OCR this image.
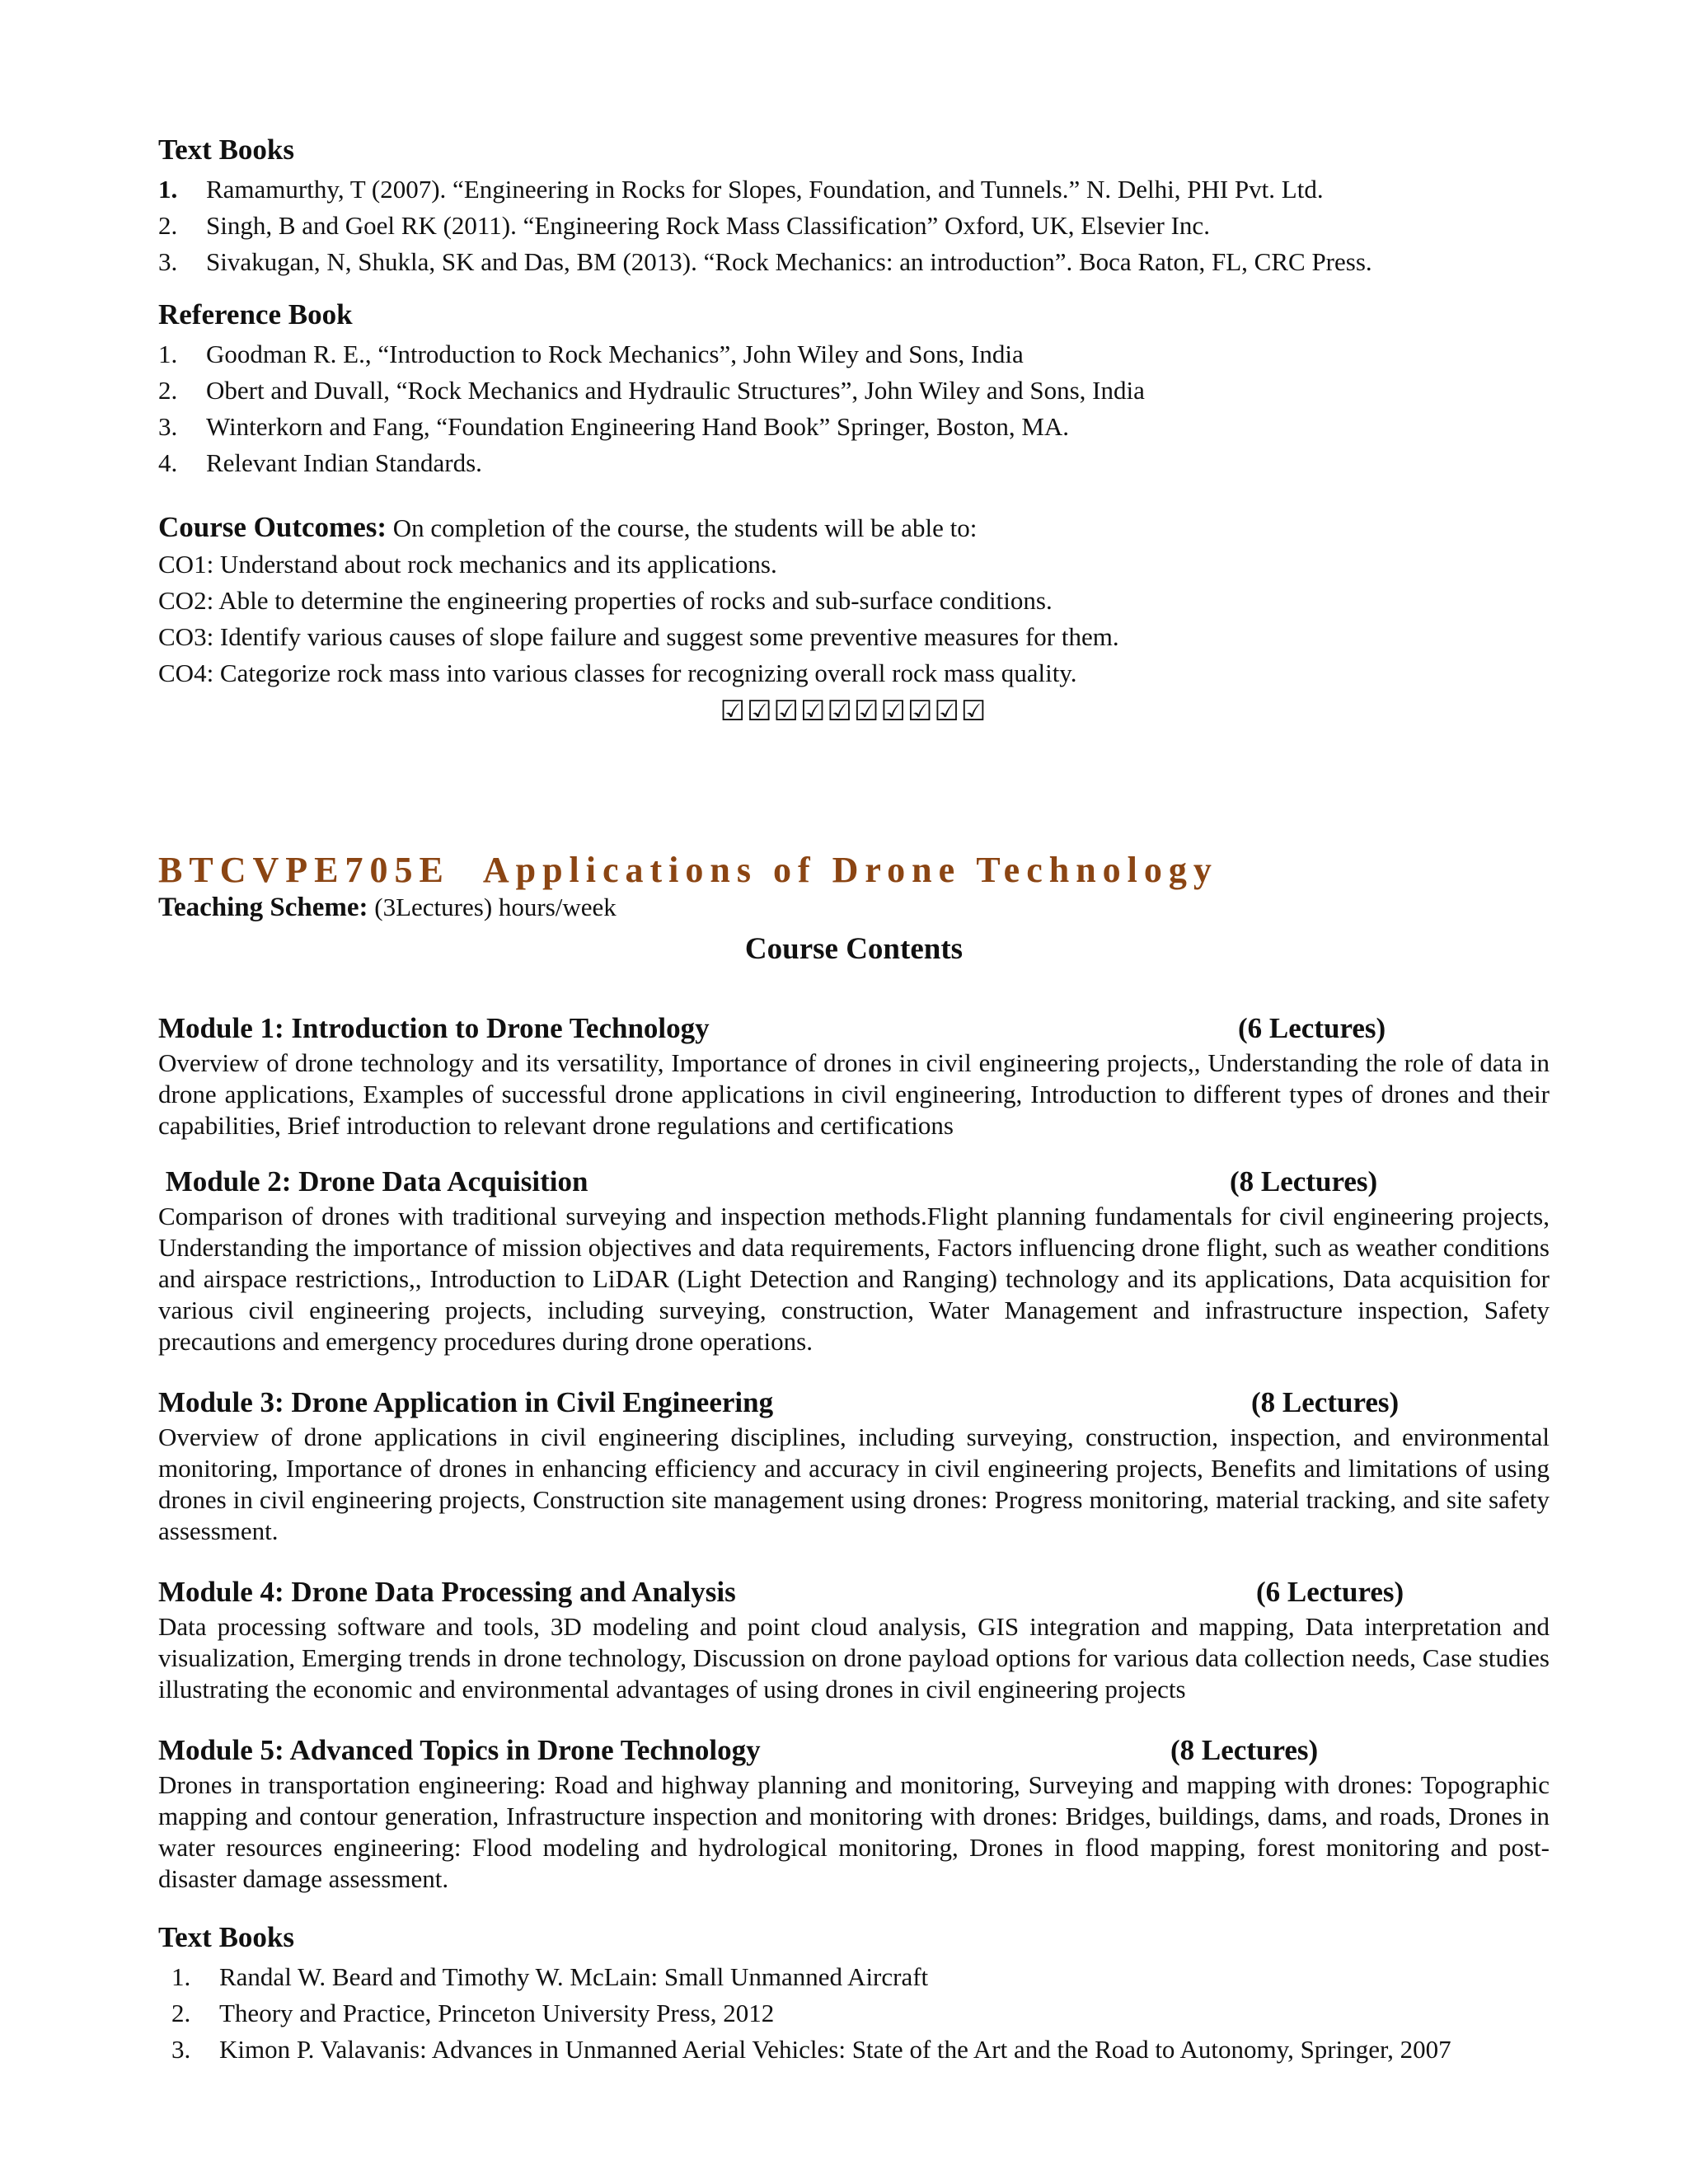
Text Books

1.	Ramamurthy, T (2007). “Engineering in Rocks for Slopes, Foundation, and Tunnels.” N. Delhi, PHI Pvt. Ltd.
2.	Singh, B and Goel RK (2011). “Engineering Rock Mass Classification” Oxford, UK, Elsevier Inc.
3.	Sivakugan, N, Shukla, SK and Das, BM (2013). “Rock Mechanics: an introduction”. Boca Raton, FL, CRC Press.

Reference Book

1.	Goodman R. E., “Introduction to Rock Mechanics”, John Wiley and Sons, India
2.	Obert and Duvall, “Rock Mechanics and Hydraulic Structures”, John Wiley and Sons, India
3.	Winterkorn and Fang, “Foundation Engineering Hand Book” Springer, Boston, MA.
4.	Relevant Indian Standards.

Course Outcomes: On completion of the course, the students will be able to:

CO1: Understand about rock mechanics and its applications.

CO2: Able to determine the engineering properties of rocks and sub-surface conditions.

CO3: Identify various causes of slope failure and suggest some preventive measures for them.

CO4: Categorize rock mass into various classes for recognizing overall rock mass quality.

☑☑☑☑☑☑☑☑☑☑

BTCVPE705E Applications of Drone Technology

Teaching Scheme: (3Lectures) hours/week

Course Contents

Module 1: Introduction to Drone Technology	(6 Lectures)

Overview of drone technology and its versatility, Importance of drones in civil engineering projects,, Understanding the role of data in drone applications, Examples of successful drone applications in civil engineering, Introduction to different types of drones and their capabilities, Brief introduction to relevant drone regulations and certifications

Module 2: Drone Data Acquisition	(8 Lectures)

Comparison of drones with traditional surveying and inspection methods.Flight planning fundamentals for civil engineering projects, Understanding the importance of mission objectives and data requirements, Factors influencing drone flight, such as weather conditions and airspace restrictions,, Introduction to LiDAR (Light Detection and Ranging) technology and its applications, Data acquisition for various civil engineering projects, including surveying, construction, Water Management and infrastructure inspection, Safety precautions and emergency procedures during drone operations.

Module 3: Drone Application in Civil Engineering	(8 Lectures)

Overview of drone applications in civil engineering disciplines, including surveying, construction, inspection, and environmental monitoring, Importance of drones in enhancing efficiency and accuracy in civil engineering projects, Benefits and limitations of using drones in civil engineering projects, Construction site management using drones: Progress monitoring, material tracking, and site safety assessment.

Module 4: Drone Data Processing and Analysis	(6 Lectures)

Data processing software and tools, 3D modeling and point cloud analysis, GIS integration and mapping, Data interpretation and visualization, Emerging trends in drone technology, Discussion on drone payload options for various data collection needs, Case studies illustrating the economic and environmental advantages of using drones in civil engineering projects

Module 5: Advanced Topics in Drone Technology	(8 Lectures)

Drones in transportation engineering: Road and highway planning and monitoring, Surveying and mapping with drones: Topographic mapping and contour generation, Infrastructure inspection and monitoring with drones: Bridges, buildings, dams, and roads, Drones in water resources engineering: Flood modeling and hydrological monitoring, Drones in flood mapping, forest monitoring and post-disaster damage assessment.

Text Books

1.	Randal W. Beard and Timothy W. McLain: Small Unmanned Aircraft
2.	Theory and Practice, Princeton University Press, 2012
3.	Kimon P. Valavanis: Advances in Unmanned Aerial Vehicles: State of the Art and the Road to Autonomy, Springer, 2007
